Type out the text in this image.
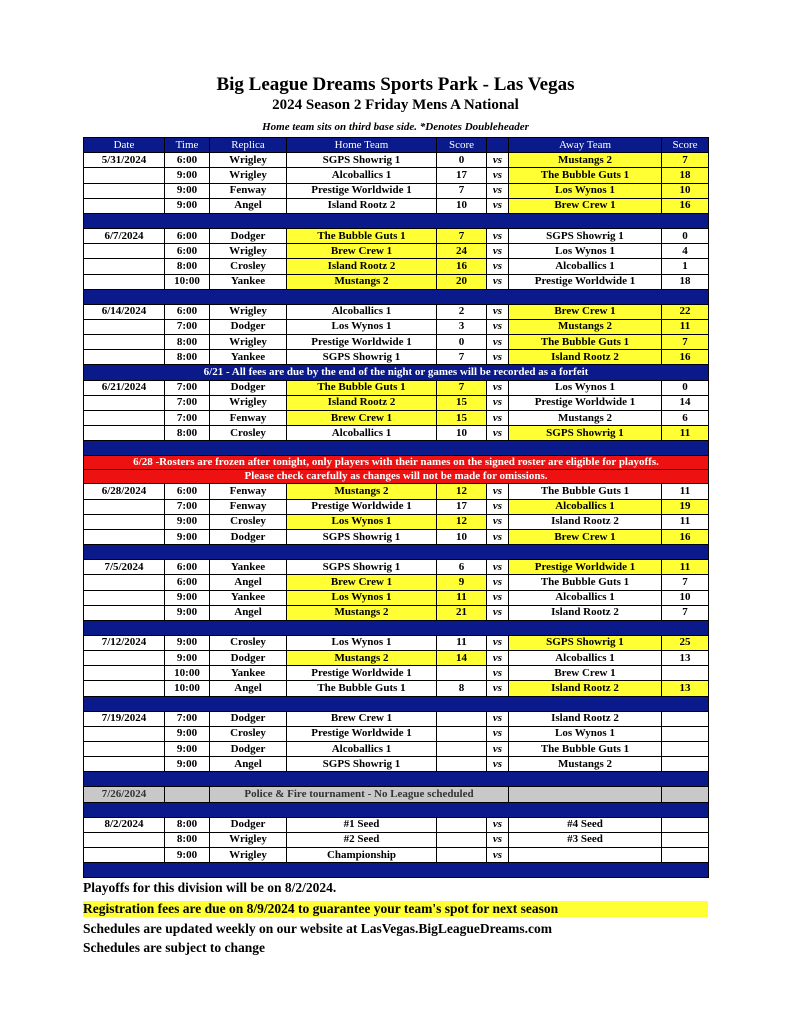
Big League Dreams Sports Park - Las Vegas
2024 Season 2 Friday Mens A National
Home team sits on third base side. *Denotes Doubleheader
Date	Time	Replica	Home Team	Score		Away Team	Score
5/31/2024	6:00	Wrigley	SGPS Showrig 1	0	vs	Mustangs 2	7
	9:00	Wrigley	Alcoballics 1	17	vs	The Bubble Guts 1	18
	9:00	Fenway	Prestige Worldwide 1	7	vs	Los Wynos 1	10
	9:00	Angel	Island Rootz 2	10	vs	Brew Crew 1	16

6/7/2024	6:00	Dodger	The Bubble Guts 1	7	vs	SGPS Showrig 1	0
	6:00	Wrigley	Brew Crew 1	24	vs	Los Wynos 1	4
	8:00	Crosley	Island Rootz 2	16	vs	Alcoballics 1	1
	10:00	Yankee	Mustangs 2	20	vs	Prestige Worldwide 1	18

6/14/2024	6:00	Wrigley	Alcoballics 1	2	vs	Brew Crew 1	22
	7:00	Dodger	Los Wynos 1	3	vs	Mustangs 2	11
	8:00	Wrigley	Prestige Worldwide 1	0	vs	The Bubble Guts 1	7
	8:00	Yankee	SGPS Showrig 1	7	vs	Island Rootz 2	16
6/21 - All fees are due by the end of the night or games will be recorded as a forfeit							
6/21/2024	7:00	Dodger	The Bubble Guts 1	7	vs	Los Wynos 1	0
	7:00	Wrigley	Island Rootz 2	15	vs	Prestige Worldwide 1	14
	7:00	Fenway	Brew Crew 1	15	vs	Mustangs 2	6
	8:00	Crosley	Alcoballics 1	10	vs	SGPS Showrig 1	11

6/28 -Rosters are frozen after tonight, only players with their names on the signed roster are eligible for playoffs.							
Please check carefully as changes will not be made for omissions.							
6/28/2024	6:00	Fenway	Mustangs 2	12	vs	The Bubble Guts 1	11
	7:00	Fenway	Prestige Worldwide 1	17	vs	Alcoballics 1	19
	9:00	Crosley	Los Wynos 1	12	vs	Island Rootz 2	11
	9:00	Dodger	SGPS Showrig 1	10	vs	Brew Crew 1	16

7/5/2024	6:00	Yankee	SGPS Showrig 1	6	vs	Prestige Worldwide 1	11
	6:00	Angel	Brew Crew 1	9	vs	The Bubble Guts 1	7
	9:00	Yankee	Los Wynos 1	11	vs	Alcoballics 1	10
	9:00	Angel	Mustangs 2	21	vs	Island Rootz 2	7

7/12/2024	9:00	Crosley	Los Wynos 1	11	vs	SGPS Showrig 1	25
	9:00	Dodger	Mustangs 2	14	vs	Alcoballics 1	13
	10:00	Yankee	Prestige Worldwide 1		vs	Brew Crew 1	
	10:00	Angel	The Bubble Guts 1	8	vs	Island Rootz 2	13

7/19/2024	7:00	Dodger	Brew Crew 1		vs	Island Rootz 2	
	9:00	Crosley	Prestige Worldwide 1		vs	Los Wynos 1	
	9:00	Dodger	Alcoballics 1		vs	The Bubble Guts 1	
	9:00	Angel	SGPS Showrig 1		vs	Mustangs 2	

7/26/2024		Police & Fire tournament - No League scheduled					

8/2/2024	8:00	Dodger	#1 Seed		vs	#4 Seed	
	8:00	Wrigley	#2 Seed		vs	#3 Seed	
	9:00	Wrigley	Championship		vs		

Playoffs for this division will be on 8/2/2024.
Registration fees are due on 8/9/2024 to guarantee your team's spot for next season
Schedules are updated weekly on our website at LasVegas.BigLeagueDreams.com
Schedules are subject to change
